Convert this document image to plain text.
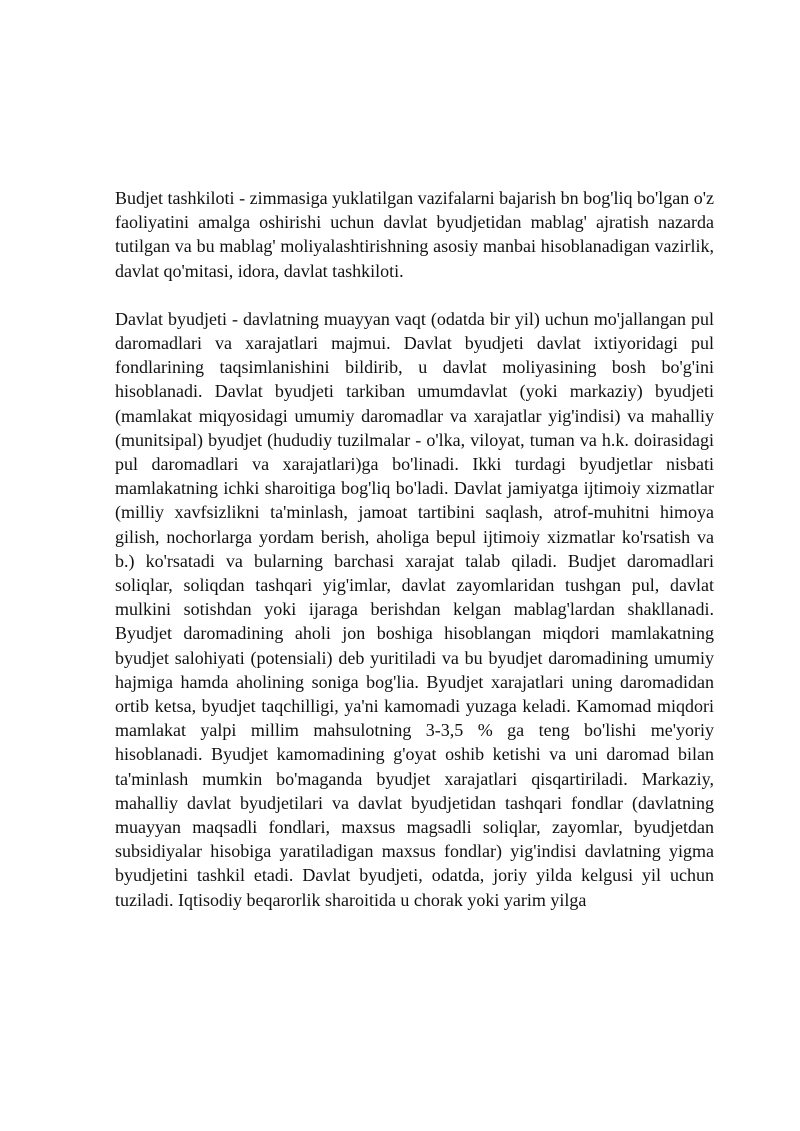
Budjet tashkiloti - zimmasiga yuklatilgan vazifalarni bajarish bn bog'liq bo'lgan o'z faoliyatini amalga oshirishi uchun davlat byudjetidan mablag' ajratish nazarda tutilgan va bu mablag' moliyalashtirishning asosiy manbai hisoblanadigan vazirlik, davlat qo'mitasi, idora, davlat tashkiloti.

Davlat byudjeti - davlatning muayyan vaqt (odatda bir yil) uchun mo'jallangan pul daromadlari va xarajatlari majmui. Davlat byudjeti davlat ixtiyoridagi pul fondlarining taqsimlanishini bildirib, u davlat moliyasining bosh bo'g'ini hisoblanadi. Davlat byudjeti tarkiban umumdavlat (yoki markaziy) byudjeti (mamlakat miqyosidagi umumiy daromadlar va xarajatlar yig'indisi) va mahalliy (munitsipal) byudjet (hududiy tuzilmalar - o'lka, viloyat, tuman va h.k. doirasidagi pul daromadlari va xarajatlari)ga bo'linadi. Ikki turdagi byudjetlar nisbati mamlakatning ichki sharoitiga bog'liq bo'ladi. Davlat jamiyatga ijtimoiy xizmatlar (milliy xavfsizlikni ta'minlash, jamoat tartibini saqlash, atrof-muhitni himoya gilish, nochorlarga yordam berish, aholiga bepul ijtimoiy xizmatlar ko'rsatish va b.) ko'rsatadi va bularning barchasi xarajat talab qiladi. Budjet daromadlari soliqlar, soliqdan tashqari yig'imlar, davlat zayomlaridan tushgan pul, davlat mulkini sotishdan yoki ijaraga berishdan kelgan mablag'lardan shakllanadi. Byudjet daromadining aholi jon boshiga hisoblangan miqdori mamlakatning byudjet salohiyati (potensiali) deb yuritiladi va bu byudjet daromadining umumiy hajmiga hamda aholining soniga bog'lia. Byudjet xarajatlari uning daromadidan ortib ketsa, byudjet taqchilligi, ya'ni kamomadi yuzaga keladi. Kamomad miqdori mamlakat yalpi millim mahsulotning 3-3,5 % ga teng bo'lishi me'yoriy hisoblanadi. Byudjet kamomadining g'oyat oshib ketishi va uni daromad bilan ta'minlash mumkin bo'maganda byudjet xarajatlari qisqartiriladi. Markaziy, mahalliy davlat byudjetilari va davlat byudjetidan tashqari fondlar (davlatning muayyan maqsadli fondlari, maxsus magsadli soliqlar, zayomlar, byudjetdan subsidiyalar hisobiga yaratiladigan maxsus fondlar) yig'indisi davlatning yigma byudjetini tashkil etadi. Davlat byudjeti, odatda, joriy yilda kelgusi yil uchun tuziladi. Iqtisodiy beqarorlik sharoitida u chorak yoki yarim yilga
